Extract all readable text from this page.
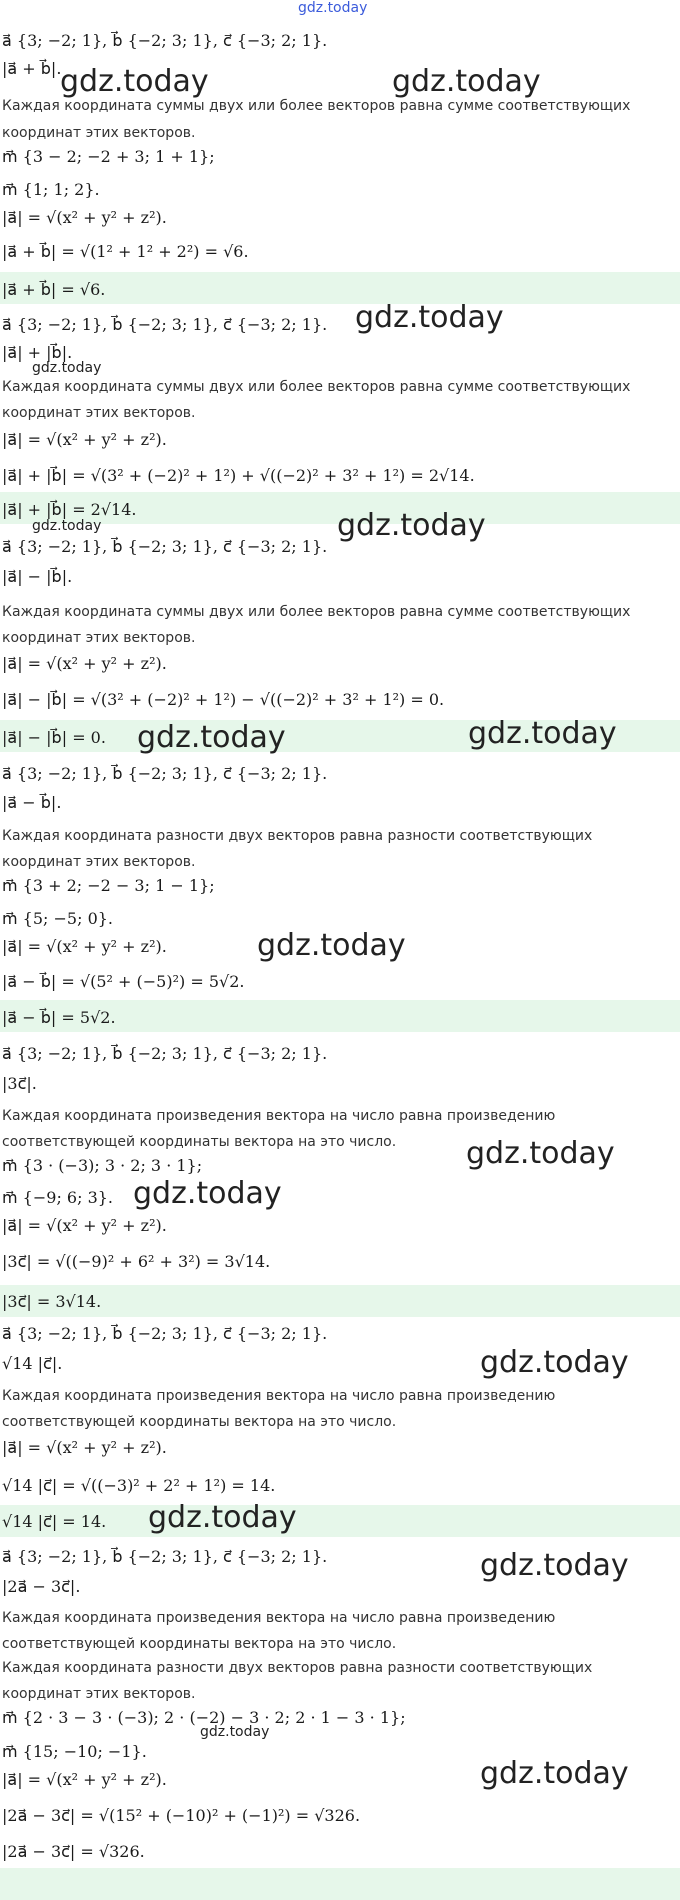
a⃗ {3; −2; 1}, b⃗ {−2; 3; 1}, c⃗ {−3; 2; 1}.
|a⃗ + b⃗|.
Каждая координата суммы двух или более векторов равна сумме соответствующих
координат этих векторов.
m⃗ {3 − 2; −2 + 3; 1 + 1};
m⃗ {1; 1; 2}.
|a⃗| = √(x² + y² + z²).
|a⃗ + b⃗| = √(1² + 1² + 2²) = √6.
|a⃗ + b⃗| = √6.
a⃗ {3; −2; 1}, b⃗ {−2; 3; 1}, c⃗ {−3; 2; 1}.
|a⃗| + |b⃗|.
Каждая координата суммы двух или более векторов равна сумме соответствующих
координат этих векторов.
|a⃗| = √(x² + y² + z²).
|a⃗| + |b⃗| = √(3² + (−2)² + 1²) + √((−2)² + 3² + 1²) = 2√14.
|a⃗| + |b⃗| = 2√14.
a⃗ {3; −2; 1}, b⃗ {−2; 3; 1}, c⃗ {−3; 2; 1}.
|a⃗| − |b⃗|.
Каждая координата суммы двух или более векторов равна сумме соответствующих
координат этих векторов.
|a⃗| = √(x² + y² + z²).
|a⃗| − |b⃗| = √(3² + (−2)² + 1²) − √((−2)² + 3² + 1²) = 0.
|a⃗| − |b⃗| = 0.
a⃗ {3; −2; 1}, b⃗ {−2; 3; 1}, c⃗ {−3; 2; 1}.
|a⃗ − b⃗|.
Каждая координата разности двух векторов равна разности соответствующих
координат этих векторов.
m⃗ {3 + 2; −2 − 3; 1 − 1};
m⃗ {5; −5; 0}.
|a⃗| = √(x² + y² + z²).
|a⃗ − b⃗| = √(5² + (−5)²) = 5√2.
|a⃗ − b⃗| = 5√2.
a⃗ {3; −2; 1}, b⃗ {−2; 3; 1}, c⃗ {−3; 2; 1}.
|3c⃗|.
Каждая координата произведения вектора на число равна произведению
соответствующей координаты вектора на это число.
m⃗ {3 · (−3); 3 · 2; 3 · 1};
m⃗ {−9; 6; 3}.
|a⃗| = √(x² + y² + z²).
|3c⃗| = √((−9)² + 6² + 3²) = 3√14.
|3c⃗| = 3√14.
a⃗ {3; −2; 1}, b⃗ {−2; 3; 1}, c⃗ {−3; 2; 1}.
√14 |c⃗|.
Каждая координата произведения вектора на число равна произведению
соответствующей координаты вектора на это число.
|a⃗| = √(x² + y² + z²).
√14 |c⃗| = √((−3)² + 2² + 1²) = 14.
√14 |c⃗| = 14.
a⃗ {3; −2; 1}, b⃗ {−2; 3; 1}, c⃗ {−3; 2; 1}.
|2a⃗ − 3c⃗|.
Каждая координата произведения вектора на число равна произведению
соответствующей координаты вектора на это число.
Каждая координата разности двух векторов равна разности соответствующих
координат этих векторов.
m⃗ {2 · 3 − 3 · (−3); 2 · (−2) − 3 · 2; 2 · 1 − 3 · 1};
m⃗ {15; −10; −1}.
|a⃗| = √(x² + y² + z²).
|2a⃗ − 3c⃗| = √(15² + (−10)² + (−1)²) = √326.
|2a⃗ − 3c⃗| = √326.
gdz.today
gdz.today	gdz.today
gdz.today
gdz.today
gdz.today
gdz.today
gdz.today	gdz.today
gdz.today
gdz.today
gdz.today
gdz.today
gdz.today
gdz.today
gdz.today
gdz.today
